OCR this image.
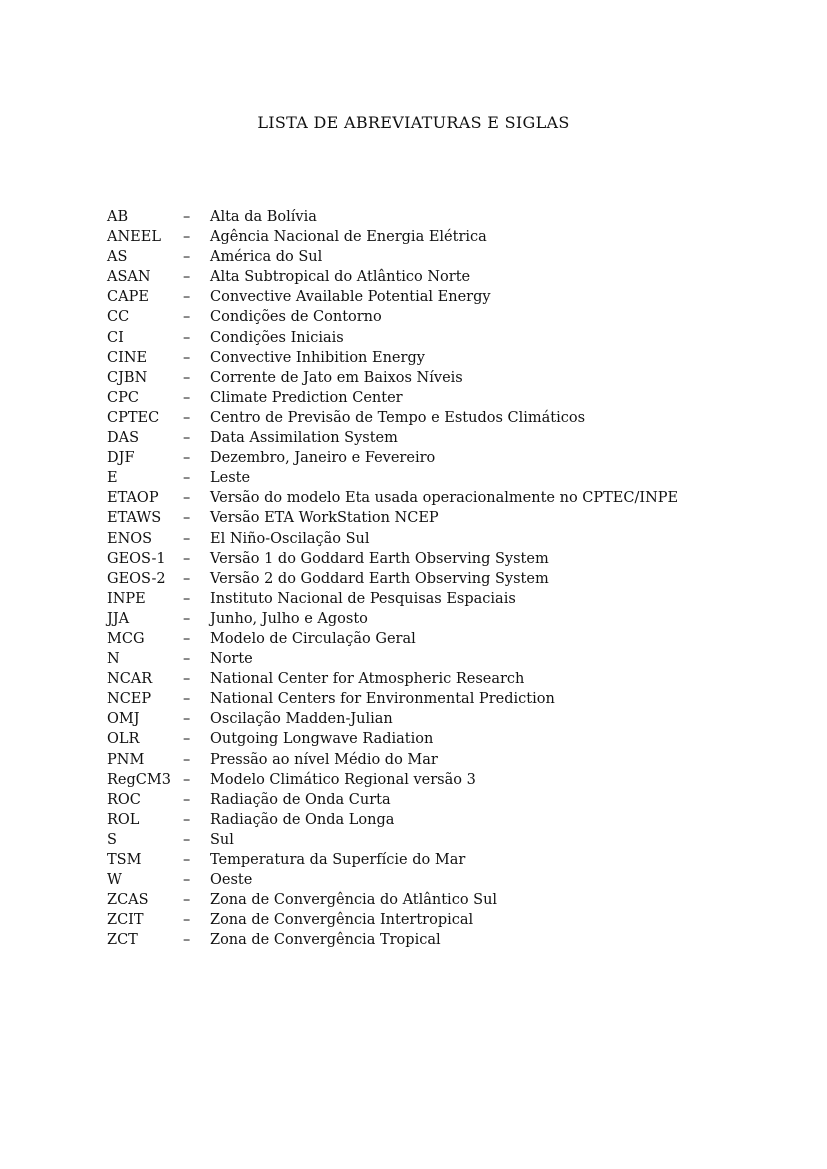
LISTA DE ABREVIATURAS E SIGLAS
AB	–	Alta da Bolívia
ANEEL	–	Agência Nacional de Energia Elétrica
AS	–	América do Sul
ASAN	–	Alta Subtropical do Atlântico Norte
CAPE	–	Convective Available Potential Energy
CC	–	Condições de Contorno
CI	–	Condições Iniciais
CINE	–	Convective Inhibition Energy
CJBN	–	Corrente de Jato em Baixos Níveis
CPC	–	Climate Prediction Center
CPTEC	–	Centro de Previsão de Tempo e Estudos Climáticos
DAS	–	Data Assimilation System
DJF	–	Dezembro, Janeiro e Fevereiro
E	–	Leste
ETAOP	–	Versão do modelo Eta usada operacionalmente no CPTEC/INPE
ETAWS	–	Versão ETA WorkStation NCEP
ENOS	–	El Niño-Oscilação Sul
GEOS-1	–	Versão 1 do Goddard Earth Observing System
GEOS-2	–	Versão 2 do Goddard Earth Observing System
INPE	–	Instituto Nacional de Pesquisas Espaciais
JJA	–	Junho, Julho e Agosto
MCG	–	Modelo de Circulação Geral
N	–	Norte
NCAR	–	National Center for Atmospheric Research
NCEP	–	National Centers for Environmental Prediction
OMJ	–	Oscilação Madden-Julian
OLR	–	Outgoing Longwave Radiation
PNM	–	Pressão ao nível Médio do Mar
RegCM3 –	Modelo Climático Regional versão 3
ROC	–	Radiação de Onda Curta
ROL	–	Radiação de Onda Longa
S	–	Sul
TSM	–	Temperatura da Superfície do Mar
W	–	Oeste
ZCAS	–	Zona de Convergência do Atlântico Sul
ZCIT	–	Zona de Convergência Intertropical
ZCT	–	Zona de Convergência Tropical
